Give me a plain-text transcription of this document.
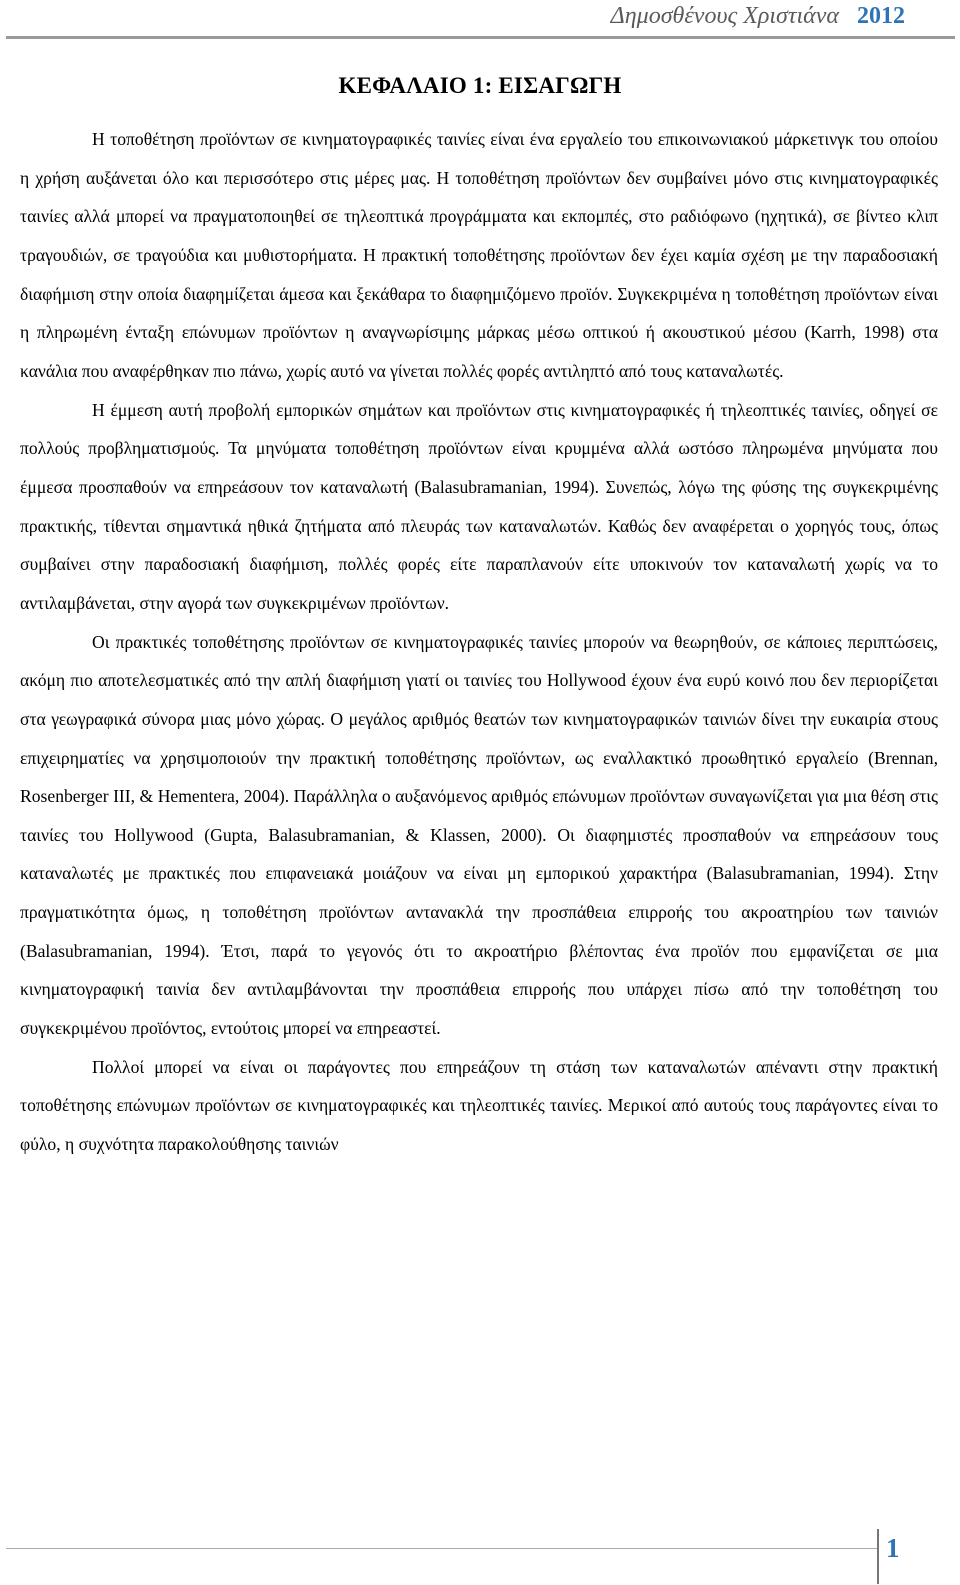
Δημοσθένους Χριστιάνα 2012
ΚΕΦΑΛΑΙΟ 1: ΕΙΣΑΓΩΓΗ

Η τοποθέτηση προϊόντων σε κινηματογραφικές ταινίες είναι ένα εργαλείο του επικοινωνιακού μάρκετινγκ του οποίου η χρήση αυξάνεται όλο και περισσότερο στις μέρες μας. Η τοποθέτηση προϊόντων δεν συμβαίνει μόνο στις κινηματογραφικές ταινίες αλλά μπορεί να πραγματοποιηθεί σε τηλεοπτικά προγράμματα και εκπομπές, στο ραδιόφωνο (ηχητικά), σε βίντεο κλιπ τραγουδιών, σε τραγούδια και μυθιστορήματα. Η πρακτική τοποθέτησης προϊόντων δεν έχει καμία σχέση με την παραδοσιακή διαφήμιση στην οποία διαφημίζεται άμεσα και ξεκάθαρα το διαφημιζόμενο προϊόν. Συγκεκριμένα η τοποθέτηση προϊόντων είναι η πληρωμένη ένταξη επώνυμων προϊόντων η αναγνωρίσιμης μάρκας μέσω οπτικού ή ακουστικού μέσου (Karrh, 1998) στα κανάλια που αναφέρθηκαν πιο πάνω, χωρίς αυτό να γίνεται πολλές φορές αντιληπτό από τους καταναλωτές.

Η έμμεση αυτή προβολή εμπορικών σημάτων και προϊόντων στις κινηματογραφικές ή τηλεοπτικές ταινίες, οδηγεί σε πολλούς προβληματισμούς. Τα μηνύματα τοποθέτηση προϊόντων είναι κρυμμένα αλλά ωστόσο πληρωμένα μηνύματα που έμμεσα προσπαθούν να επηρεάσουν τον καταναλωτή (Balasubramanian, 1994). Συνεπώς, λόγω της φύσης της συγκεκριμένης πρακτικής, τίθενται σημαντικά ηθικά ζητήματα από πλευράς των καταναλωτών. Καθώς δεν αναφέρεται ο χορηγός τους, όπως συμβαίνει στην παραδοσιακή διαφήμιση, πολλές φορές είτε παραπλανούν είτε υποκινούν τον καταναλωτή χωρίς να το αντιλαμβάνεται, στην αγορά των συγκεκριμένων προϊόντων.

Οι πρακτικές τοποθέτησης προϊόντων σε κινηματογραφικές ταινίες μπορούν να θεωρηθούν, σε κάποιες περιπτώσεις, ακόμη πιο αποτελεσματικές από την απλή διαφήμιση γιατί οι ταινίες του Hollywood έχουν ένα ευρύ κοινό που δεν περιορίζεται στα γεωγραφικά σύνορα μιας μόνο χώρας. Ο μεγάλος αριθμός θεατών των κινηματογραφικών ταινιών δίνει την ευκαιρία στους επιχειρηματίες να χρησιμοποιούν την πρακτική τοποθέτησης προϊόντων, ως εναλλακτικό προωθητικό εργαλείο (Brennan, Rosenberger III, & Hementera, 2004). Παράλληλα ο αυξανόμενος αριθμός επώνυμων προϊόντων συναγωνίζεται για μια θέση στις ταινίες του Hollywood (Gupta, Balasubramanian, & Klassen, 2000). Οι διαφημιστές προσπαθούν να επηρεάσουν τους καταναλωτές με πρακτικές που επιφανειακά μοιάζουν να είναι μη εμπορικού χαρακτήρα (Balasubramanian, 1994). Στην πραγματικότητα όμως, η τοποθέτηση προϊόντων αντανακλά την προσπάθεια επιρροής του ακροατηρίου των ταινιών (Balasubramanian, 1994). Έτσι, παρά το γεγονός ότι το ακροατήριο βλέποντας ένα προϊόν που εμφανίζεται σε μια κινηματογραφική ταινία δεν αντιλαμβάνονται την προσπάθεια επιρροής που υπάρχει πίσω από την τοποθέτηση του συγκεκριμένου προϊόντος, εντούτοις μπορεί να επηρεαστεί.

Πολλοί μπορεί να είναι οι παράγοντες που επηρεάζουν τη στάση των καταναλωτών απέναντι στην πρακτική τοποθέτησης επώνυμων προϊόντων σε κινηματογραφικές και τηλεοπτικές ταινίες. Μερικοί από αυτούς τους παράγοντες είναι το φύλο, η συχνότητα παρακολούθησης ταινιών

1
